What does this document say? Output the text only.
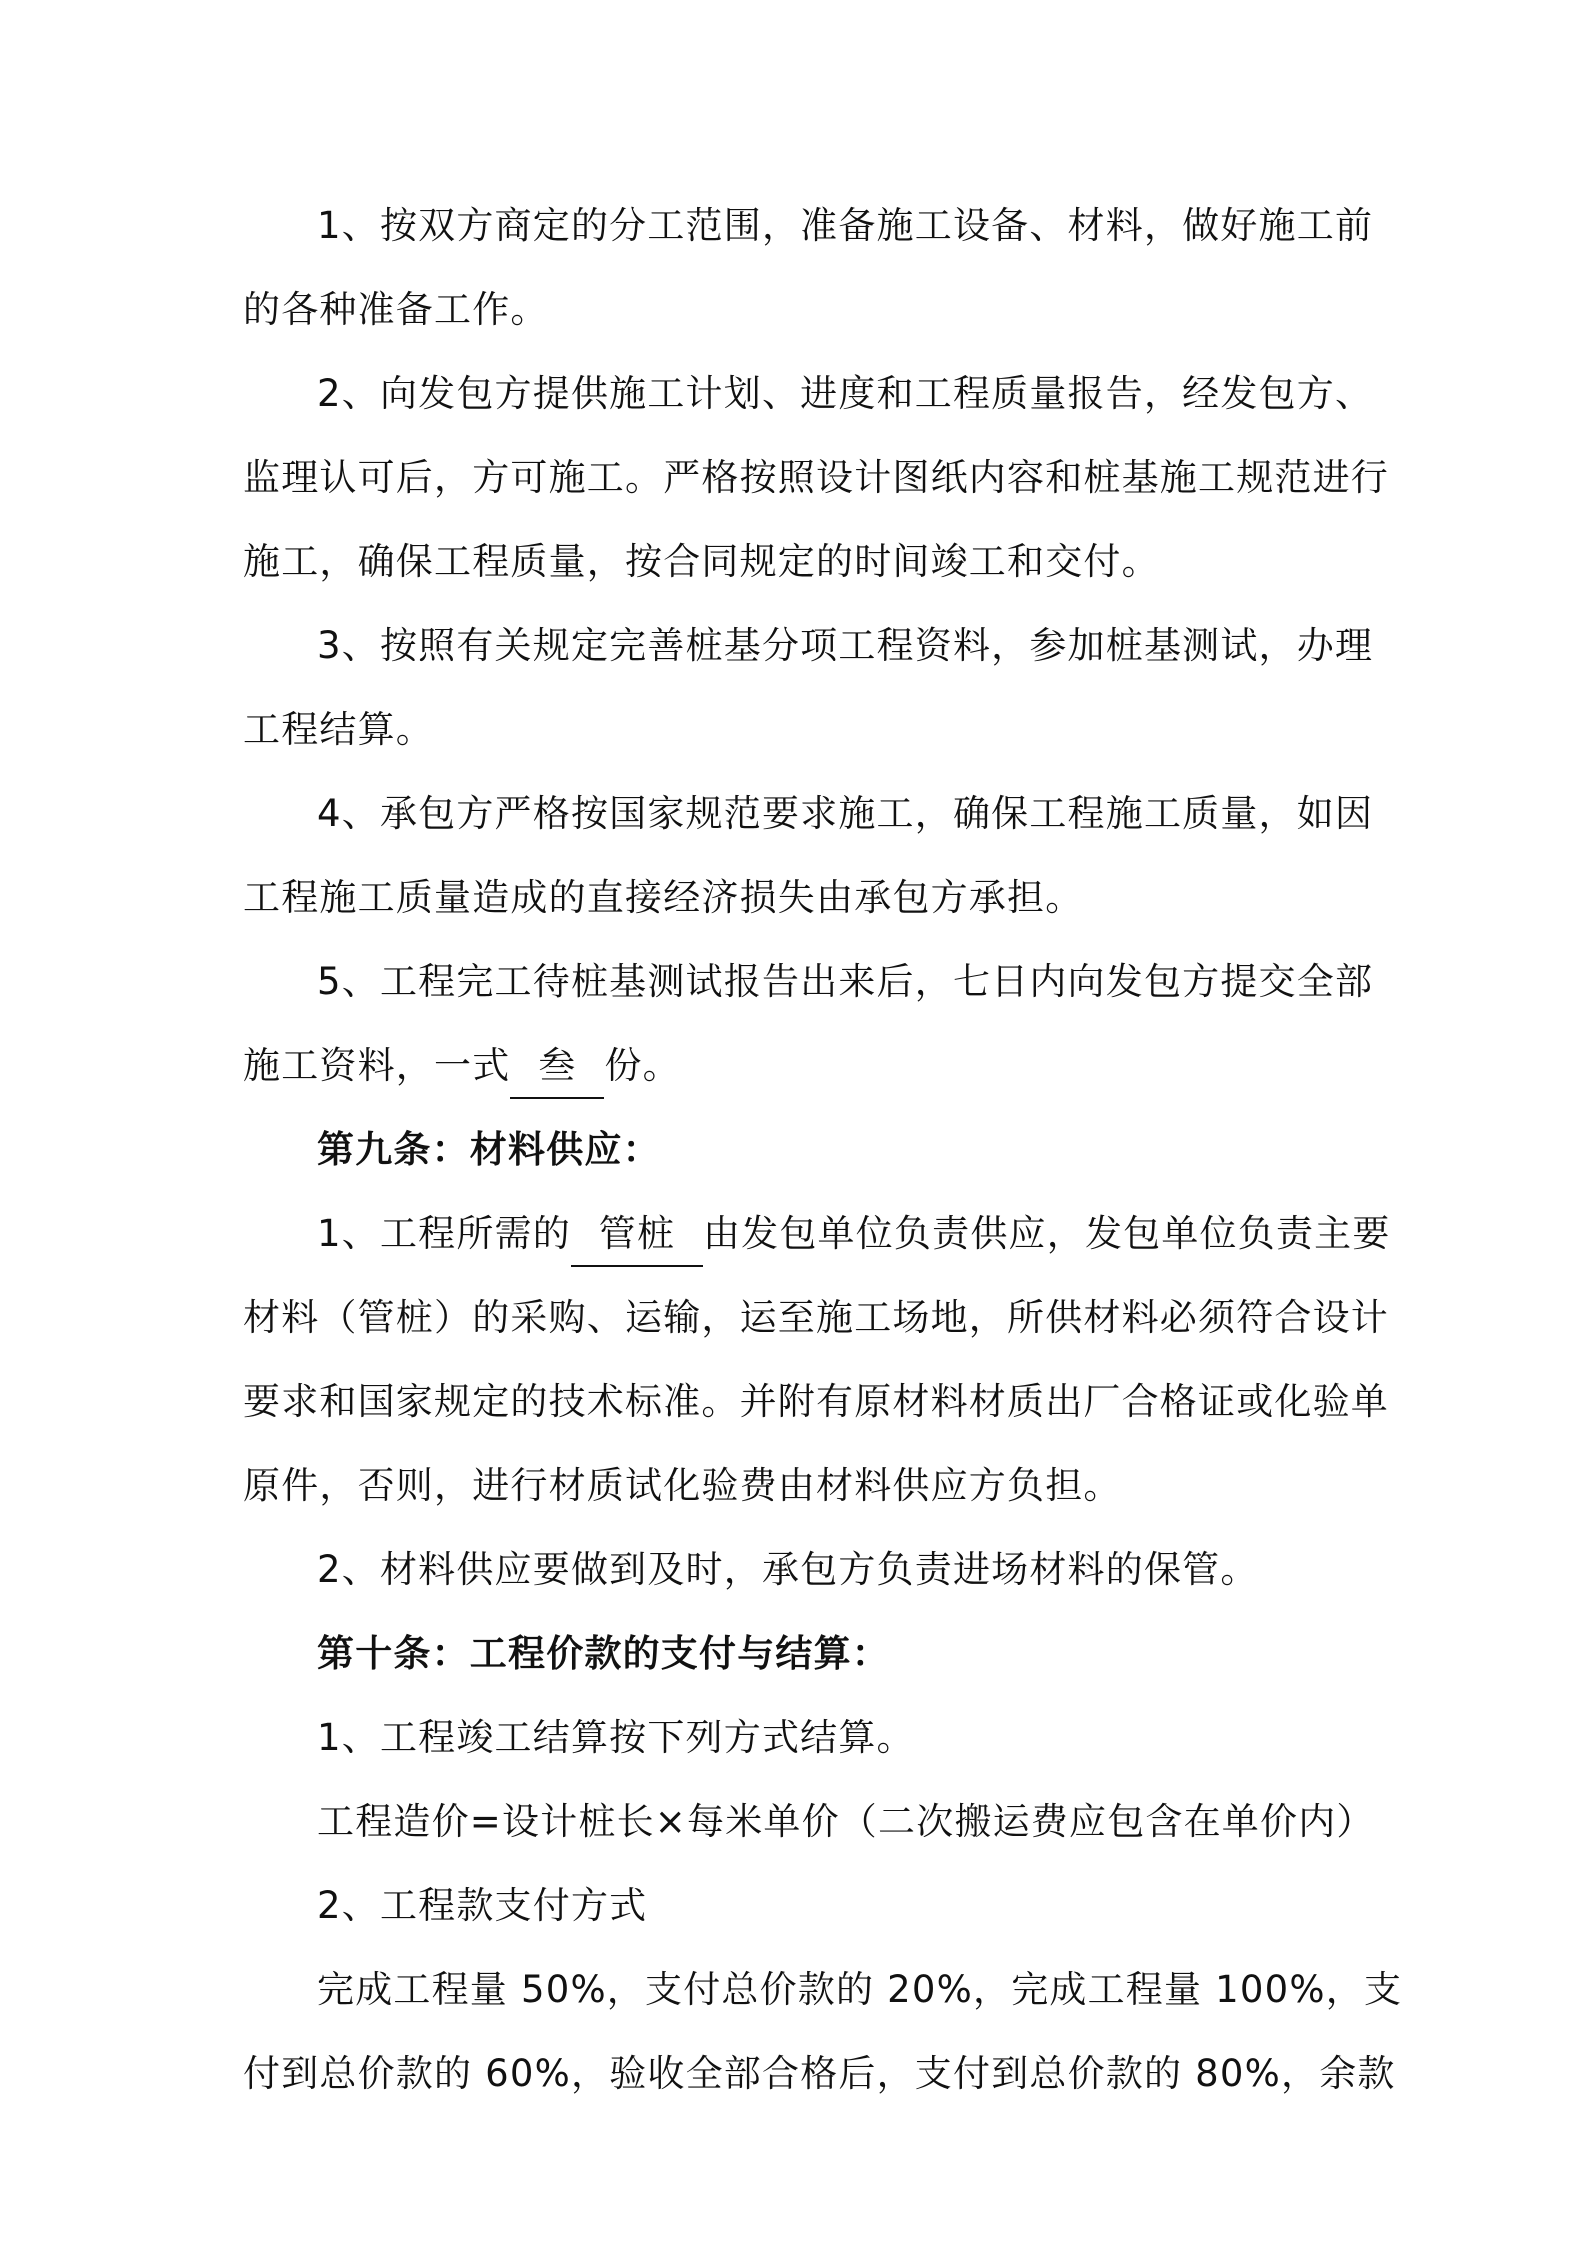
1、按双方商定的分工范围，准备施工设备、材料，做好施工前
的各种准备工作。
2、向发包方提供施工计划、进度和工程质量报告，经发包方、
监理认可后，方可施工。严格按照设计图纸内容和桩基施工规范进行
施工，确保工程质量，按合同规定的时间竣工和交付。
3、按照有关规定完善桩基分项工程资料，参加桩基测试，办理
工程结算。
4、承包方严格按国家规范要求施工，确保工程施工质量，如因
工程施工质量造成的直接经济损失由承包方承担。
5、工程完工待桩基测试报告出来后，七日内向发包方提交全部
施工资料，一式 叁 份。
第九条：材料供应：
1、工程所需的 管桩 由发包单位负责供应，发包单位负责主要
材料（管桩）的采购、运输，运至施工场地，所供材料必须符合设计
要求和国家规定的技术标准。并附有原材料材质出厂合格证或化验单
原件，否则，进行材质试化验费由材料供应方负担。
2、材料供应要做到及时，承包方负责进场材料的保管。
第十条：工程价款的支付与结算：
1、工程竣工结算按下列方式结算。
工程造价=设计桩长×每米单价（二次搬运费应包含在单价内）
2、工程款支付方式
完成工程量 50%，支付总价款的 20%，完成工程量 100%，支
付到总价款的 60%，验收全部合格后，支付到总价款的 80%，余款
